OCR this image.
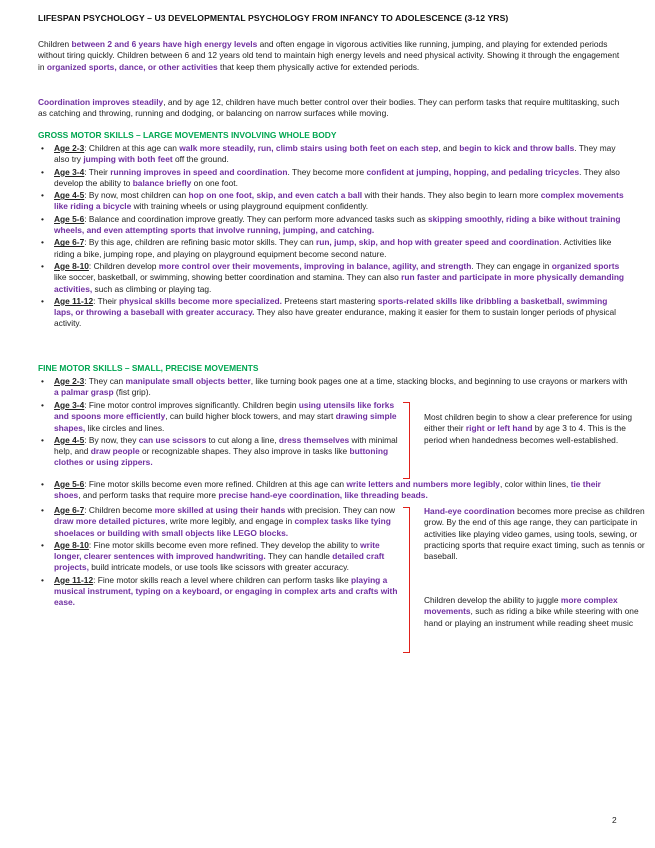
LIFESPAN PSYCHOLOGY – U3 DEVELOPMENTAL PSYCHOLOGY FROM INFANCY TO ADOLESCENCE (3-12 YRS)

Children between 2 and 6 years have high energy levels and often engage in vigorous activities like running, jumping, and playing for extended periods without tiring quickly. Children between 6 and 12 years old tend to maintain high energy levels and need physical activity. Showing it through the engagement in organized sports, dance, or other activities that keep them physically active for extended periods.

Coordination improves steadily, and by age 12, children have much better control over their bodies. They can perform tasks that require multitasking, such as catching and throwing, running and dodging, or balancing on narrow surfaces while moving.

GROSS MOTOR SKILLS – LARGE MOVEMENTS INVOLVING WHOLE BODY
• Age 2-3: Children at this age can walk more steadily, run, climb stairs using both feet on each step, and begin to kick and throw balls. They may also try jumping with both feet off the ground.
• Age 3-4: Their running improves in speed and coordination. They become more confident at jumping, hopping, and pedaling tricycles. They also develop the ability to balance briefly on one foot.
• Age 4-5: By now, most children can hop on one foot, skip, and even catch a ball with their hands. They also begin to learn more complex movements like riding a bicycle with training wheels or using playground equipment confidently.
• Age 5-6: Balance and coordination improve greatly. They can perform more advanced tasks such as skipping smoothly, riding a bike without training wheels, and even attempting sports that involve running, jumping, and catching.
• Age 6-7: By this age, children are refining basic motor skills. They can run, jump, skip, and hop with greater speed and coordination. Activities like riding a bike, jumping rope, and playing on playground equipment become second nature.
• Age 8-10: Children develop more control over their movements, improving in balance, agility, and strength. They can engage in organized sports like soccer, basketball, or swimming, showing better coordination and stamina. They can also run faster and participate in more physically demanding activities, such as climbing or playing tag.
• Age 11-12: Their physical skills become more specialized. Preteens start mastering sports-related skills like dribbling a basketball, swimming laps, or throwing a baseball with greater accuracy. They also have greater endurance, making it easier for them to sustain longer periods of physical activity.
FINE MOTOR SKILLS – SMALL, PRECISE MOVEMENTS
• Age 2-3: They can manipulate small objects better, like turning book pages one at a time, stacking blocks, and beginning to use crayons or markers with a palmar grasp (fist grip).
• Age 3-4: Fine motor control improves significantly. Children begin using utensils like forks and spoons more efficiently, can build higher block towers, and may start drawing simple shapes, like circles and lines.
• Age 4-5: By now, they can use scissors to cut along a line, dress themselves with minimal help, and draw people or recognizable shapes. They also improve in tasks like buttoning clothes or using zippers.

Most children begin to show a clear preference for using either their right or left hand by age 3 to 4. This is the period when handedness becomes well-established.

• Age 5-6: Fine motor skills become even more refined. Children at this age can write letters and numbers more legibly, color within lines, tie their shoes, and perform tasks that require more precise hand-eye coordination, like threading beads.
• Age 6-7: Children become more skilled at using their hands with precision. They can now draw more detailed pictures, write more legibly, and engage in complex tasks like tying shoelaces or building with small objects like LEGO blocks.
• Age 8-10: Fine motor skills become even more refined. They develop the ability to write longer, clearer sentences with improved handwriting. They can handle detailed craft projects, build intricate models, or use tools like scissors with greater accuracy.
• Age 11-12: Fine motor skills reach a level where children can perform tasks like playing a musical instrument, typing on a keyboard, or engaging in complex arts and crafts with ease.

Hand-eye coordination becomes more precise as children grow. By the end of this age range, they can participate in activities like playing video games, using tools, sewing, or practicing sports that require exact timing, such as tennis or baseball.

Children develop the ability to juggle more complex movements, such as riding a bike while steering with one hand or playing an instrument while reading sheet music

2
